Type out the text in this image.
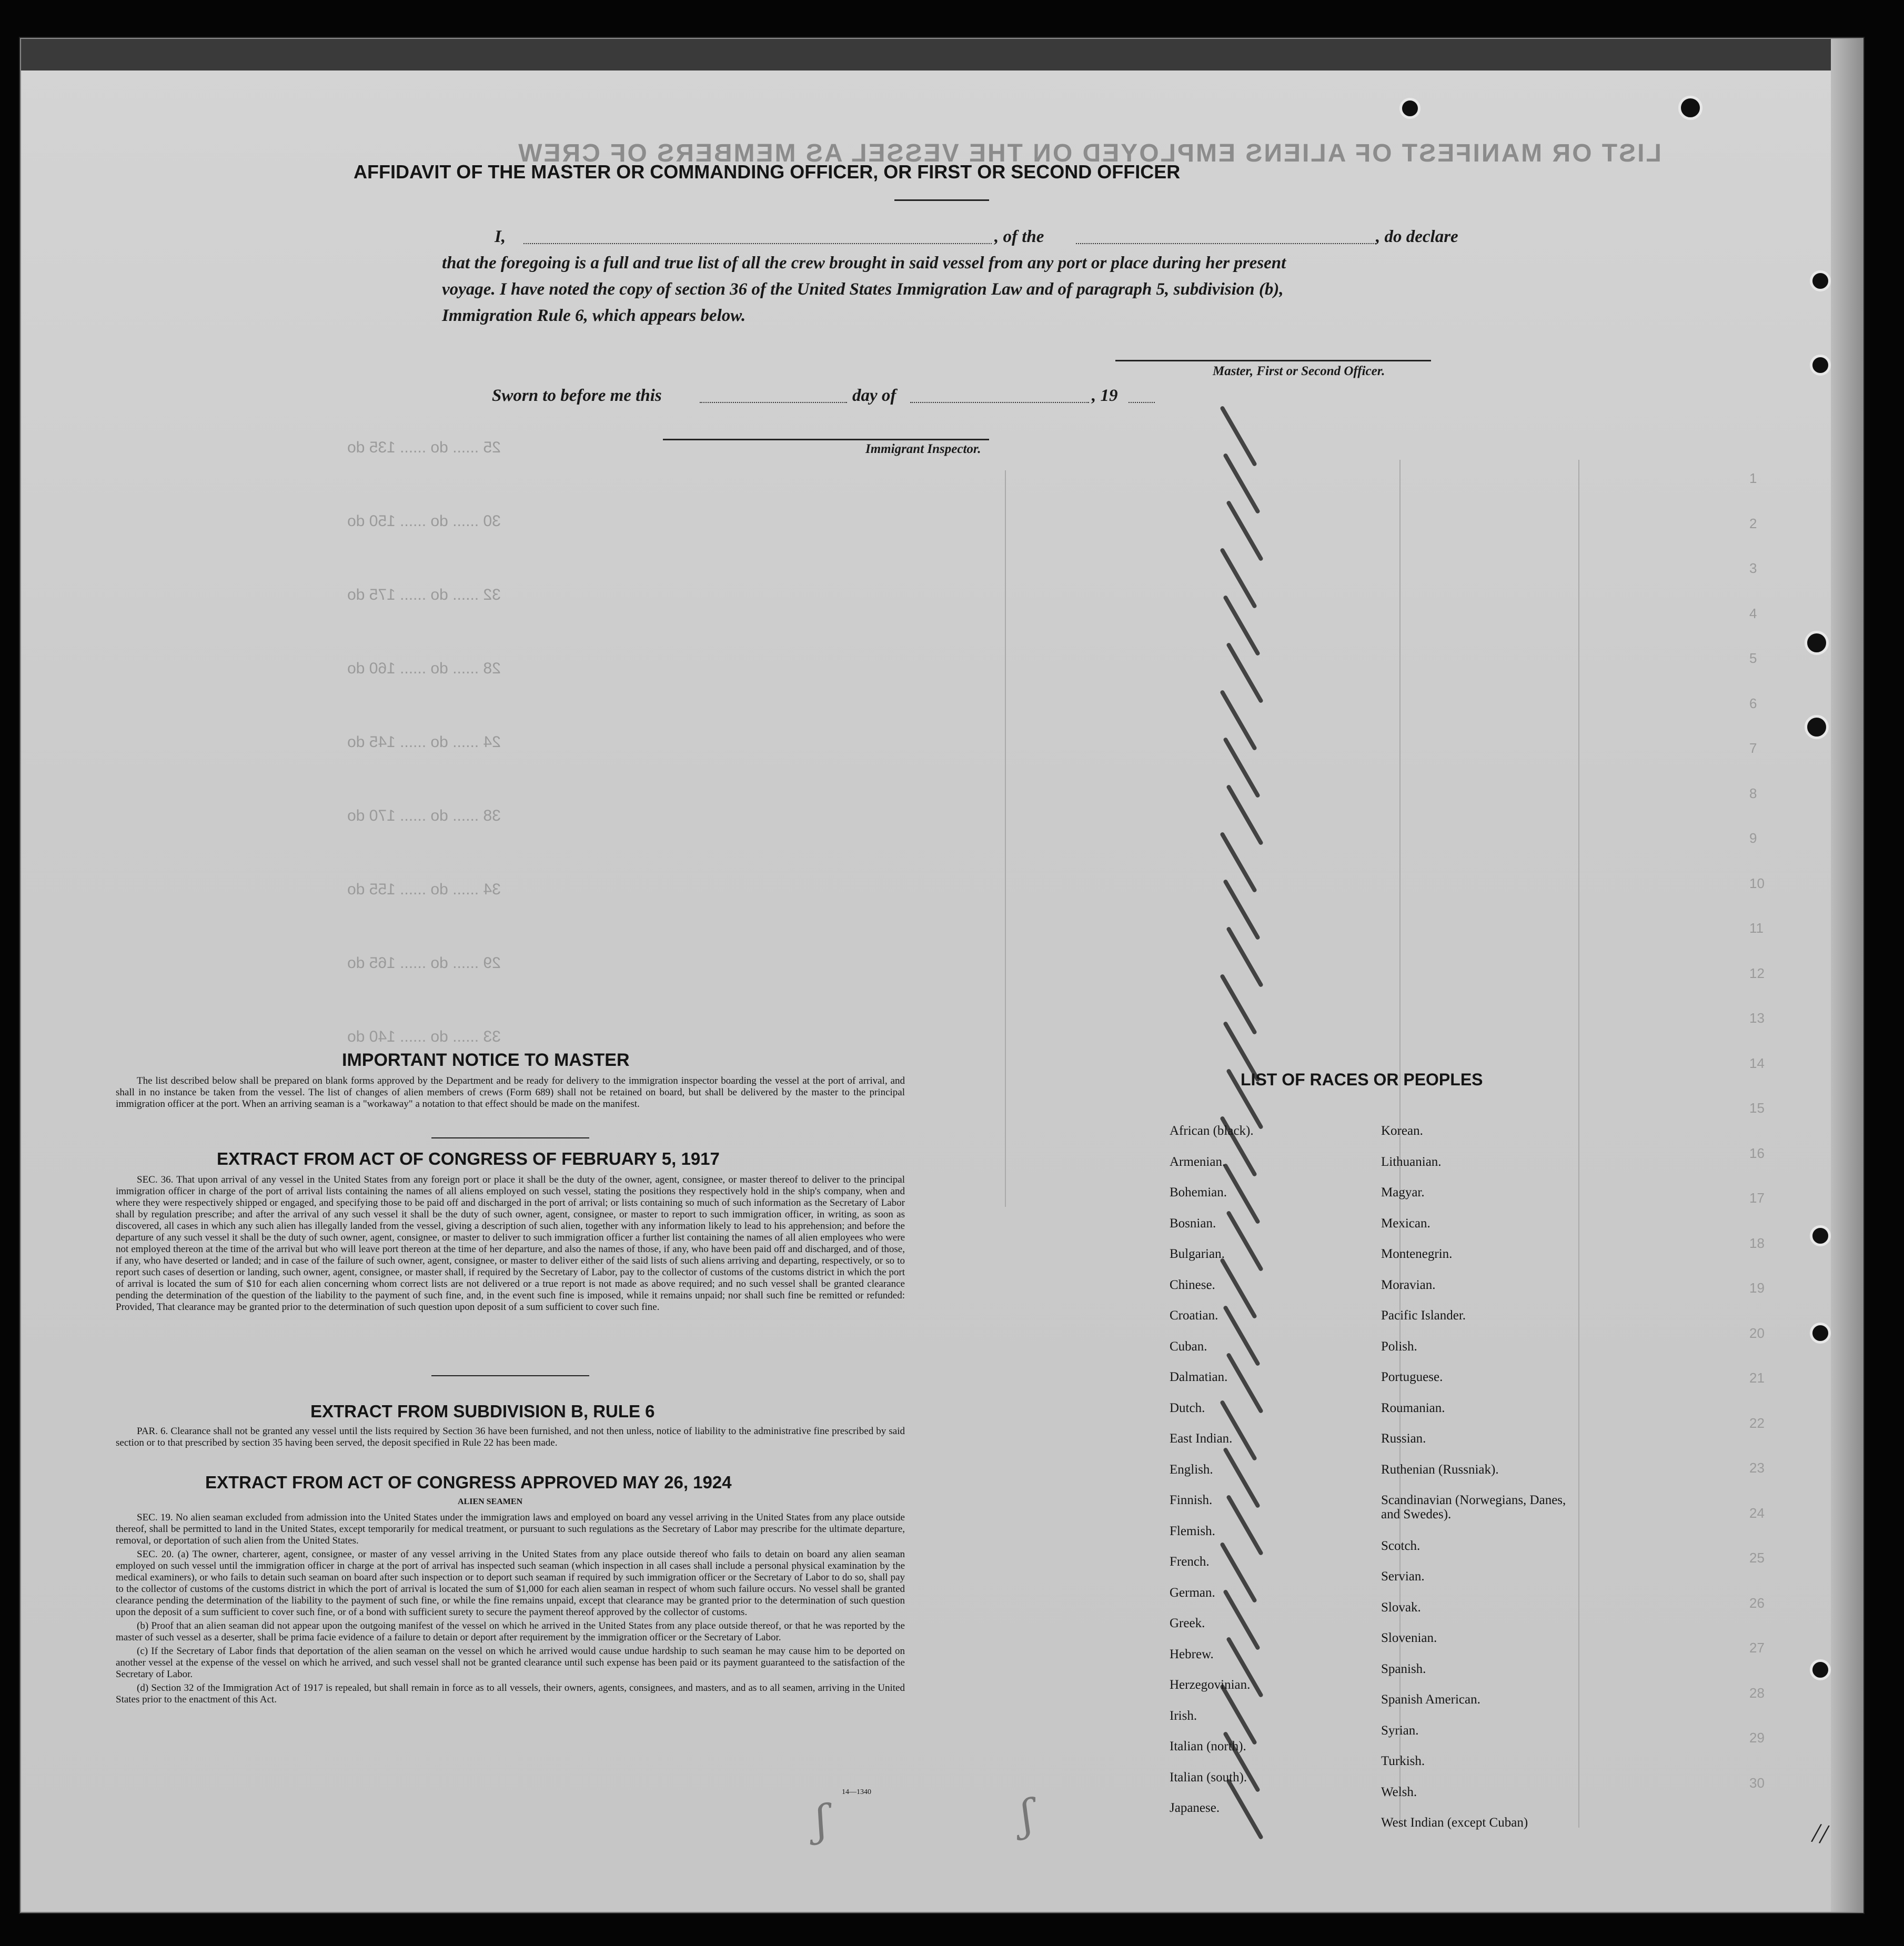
LIST OR MANIFEST OF ALIENS EMPLOYED ON THE VESSEL AS MEMBERS OF CREW
25 ...... do ...... 135 do
30 ...... do ...... 150 do
32 ...... do ...... 175 do
28 ...... do ...... 160 do
24 ...... do ...... 145 do
38 ...... do ...... 170 do
34 ...... do ...... 155 do
29 ...... do ...... 165 do
33 ...... do ...... 140 do
1
2
3
4
5
6
7
8
9
10
11
12
13
14
15
16
17
18
19
20
21
22
23
24
25
26
27
28
29
30
AFFIDAVIT OF THE MASTER OR COMMANDING OFFICER, OR FIRST OR SECOND OFFICER
I,	, of the	, do declare
that the foregoing is a full and true list of all the crew brought in said vessel from any port or place during her present
voyage. I have noted the copy of section 36 of the United States Immigration Law and of paragraph 5, subdivision (b),
Immigration Rule 6, which appears below.
Master, First or Second Officer.
Sworn to before me this	day of	, 19
Immigrant Inspector.
IMPORTANT NOTICE TO MASTER

The list described below shall be prepared on blank forms approved by the Department and be ready for delivery to the immigration inspector boarding the vessel at the port of arrival, and shall in no instance be taken from the vessel. The list of changes of alien members of crews (Form 689) shall not be retained on board, but shall be delivered by the master to the principal immigration officer at the port. When an arriving seaman is a "workaway" a notation to that effect should be made on the manifest.

EXTRACT FROM ACT OF CONGRESS OF FEBRUARY 5, 1917

SEC. 36. That upon arrival of any vessel in the United States from any foreign port or place it shall be the duty of the owner, agent, consignee, or master thereof to deliver to the principal immigration officer in charge of the port of arrival lists containing the names of all aliens employed on such vessel, stating the positions they respectively hold in the ship's company, when and where they were respectively shipped or engaged, and specifying those to be paid off and discharged in the port of arrival; or lists containing so much of such information as the Secretary of Labor shall by regulation prescribe; and after the arrival of any such vessel it shall be the duty of such owner, agent, consignee, or master to report to such immigration officer, in writing, as soon as discovered, all cases in which any such alien has illegally landed from the vessel, giving a description of such alien, together with any information likely to lead to his apprehension; and before the departure of any such vessel it shall be the duty of such owner, agent, consignee, or master to deliver to such immigration officer a further list containing the names of all alien employees who were not employed thereon at the time of the arrival but who will leave port thereon at the time of her departure, and also the names of those, if any, who have been paid off and discharged, and of those, if any, who have deserted or landed; and in case of the failure of such owner, agent, consignee, or master to deliver either of the said lists of such aliens arriving and departing, respectively, or so to report such cases of desertion or landing, such owner, agent, consignee, or master shall, if required by the Secretary of Labor, pay to the collector of customs of the customs district in which the port of arrival is located the sum of $10 for each alien concerning whom correct lists are not delivered or a true report is not made as above required; and no such vessel shall be granted clearance pending the determination of the question of the liability to the payment of such fine, and, in the event such fine is imposed, while it remains unpaid; nor shall such fine be remitted or refunded: Provided, That clearance may be granted prior to the determination of such question upon deposit of a sum sufficient to cover such fine.

EXTRACT FROM SUBDIVISION B, RULE 6

PAR. 6. Clearance shall not be granted any vessel until the lists required by Section 36 have been furnished, and not then unless, notice of liability to the administrative fine prescribed by said section or to that prescribed by section 35 having been served, the deposit specified in Rule 22 has been made.

EXTRACT FROM ACT OF CONGRESS APPROVED MAY 26, 1924
ALIEN SEAMEN

SEC. 19. No alien seaman excluded from admission into the United States under the immigration laws and employed on board any vessel arriving in the United States from any place outside thereof, shall be permitted to land in the United States, except temporarily for medical treatment, or pursuant to such regulations as the Secretary of Labor may prescribe for the ultimate departure, removal, or deportation of such alien from the United States.

SEC. 20. (a) The owner, charterer, agent, consignee, or master of any vessel arriving in the United States from any place outside thereof who fails to detain on board any alien seaman employed on such vessel until the immigration officer in charge at the port of arrival has inspected such seaman (which inspection in all cases shall include a personal physical examination by the medical examiners), or who fails to detain such seaman on board after such inspection or to deport such seaman if required by such immigration officer or the Secretary of Labor to do so, shall pay to the collector of customs of the customs district in which the port of arrival is located the sum of $1,000 for each alien seaman in respect of whom such failure occurs. No vessel shall be granted clearance pending the determination of the liability to the payment of such fine, or while the fine remains unpaid, except that clearance may be granted prior to the determination of such question upon the deposit of a sum sufficient to cover such fine, or of a bond with sufficient surety to secure the payment thereof approved by the collector of customs.

(b) Proof that an alien seaman did not appear upon the outgoing manifest of the vessel on which he arrived in the United States from any place outside thereof, or that he was reported by the master of such vessel as a deserter, shall be prima facie evidence of a failure to detain or deport after requirement by the immigration officer or the Secretary of Labor.

(c) If the Secretary of Labor finds that deportation of the alien seaman on the vessel on which he arrived would cause undue hardship to such seaman he may cause him to be deported on another vessel at the expense of the vessel on which he arrived, and such vessel shall not be granted clearance until such expense has been paid or its payment guaranteed to the satisfaction of the Secretary of Labor.

(d) Section 32 of the Immigration Act of 1917 is repealed, but shall remain in force as to all vessels, their owners, agents, consignees, and masters, and as to all seamen, arriving in the United States prior to the enactment of this Act.

14—1340
ʃ	ʃ
LIST OF RACES OR PEOPLES
African (black).
Armenian.
Bohemian.
Bosnian.
Bulgarian.
Chinese.
Croatian.
Cuban.
Dalmatian.
Dutch.
East Indian.
English.
Finnish.
Flemish.
French.
German.
Greek.
Hebrew.
Herzegovinian.
Irish.
Italian (north).
Italian (south).
Japanese.
Korean.
Lithuanian.
Magyar.
Mexican.
Montenegrin.
Moravian.
Pacific Islander.
Polish.
Portuguese.
Roumanian.
Russian.
Ruthenian (Russniak).
Scandinavian (Norwegians, Danes, and Swedes).
Scotch.
Servian.
Slovak.
Slovenian.
Spanish.
Spanish American.
Syrian.
Turkish.
Welsh.
West Indian (except Cuban)	//
